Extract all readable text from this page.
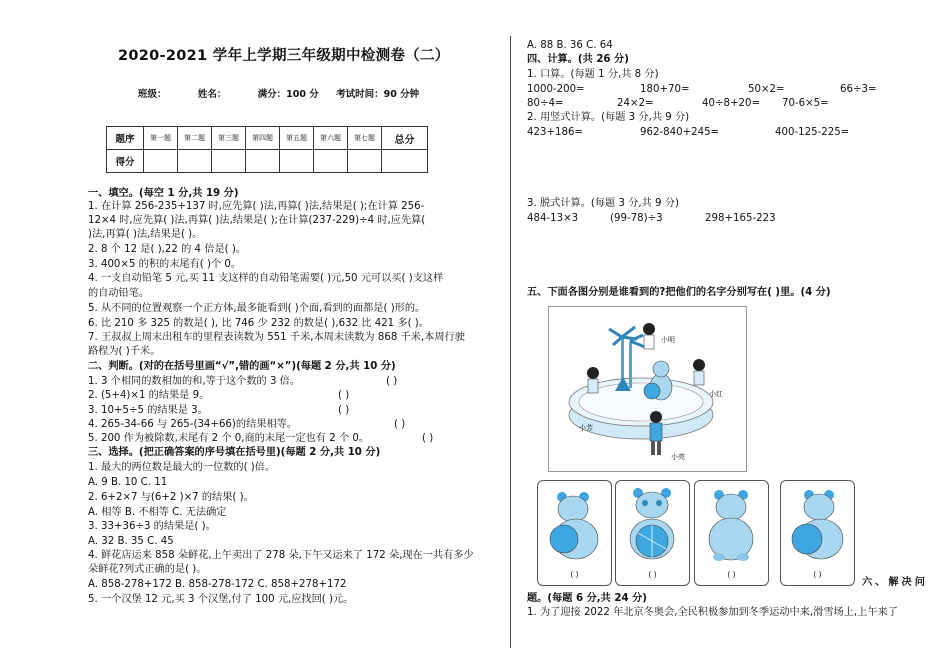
2020-2021 学年上学期三年级期中检测卷（二）
班级：	姓名：	满分：100 分 考试时间：90 分钟
题序	第一题	第二题	第三题	第四题	第五题	第六题	第七题	总分
得分								
一、填空。(每空 1 分,共 19 分)
1. 在计算 256-235+137 时,应先算( )法,再算( )法,结果是( );在计算 256-
12×4 时,应先算( )法,再算( )法,结果是( );在计算(237-229)÷4 时,应先算(
)法,再算( )法,结果是( )。
2. 8 个 12 是( ),22 的 4 倍是( )。
3. 400×5 的积的末尾有( )个 0。
4. 一支自动铅笔 5 元,买 11 支这样的自动铅笔需要( )元,50 元可以买( )支这样
的自动铅笔。
5. 从不同的位置观察一个正方体,最多能看到( )个面,看到的面都是( )形的。
6. 比 210 多 325 的数是( ), 比 746 少 232 的数是( ),632 比 421 多( )。
7. 王叔叔上周末出租车的里程表读数为 551 千米,本周末读数为 868 千米,本周行驶
路程为( )千米。
二、判断。(对的在括号里画“√”,错的画“×”)(每题 2 分,共 10 分)
1. 3 个相同的数相加的和,等于这个数的 3 倍。	( )
2. (5+4)×1 的结果是 9。	( )
3. 10+5÷5 的结果是 3。	( )
4. 265-34-66 与 265-(34+66)的结果相等。	( )
5. 200 作为被除数,末尾有 2 个 0,商的末尾一定也有 2 个 0。	( )
三、选择。(把正确答案的序号填在括号里)(每题 2 分,共 10 分)
1. 最大的两位数是最大的一位数的( )倍。
A. 9 B. 10 C. 11
2. 6+2×7 与(6+2 )×7 的结果( )。
A. 相等 B. 不相等 C. 无法确定
3. 33+36÷3 的结果是( )。
A. 32 B. 35 C. 45
4. 鲜花店运来 858 朵鲜花,上午卖出了 278 朵,下午又运来了 172 朵,现在一共有多少
朵鲜花?列式正确的是( )。
A. 858-278+172 B. 858-278-172 C. 858+278+172
5. 一个汉堡 12 元,买 3 个汉堡,付了 100 元,应找回( )元。
A. 88 B. 36 C. 64
四、计算。(共 26 分)
1. 口算。(每题 1 分,共 8 分)
1000-200=	180+70=	50×2=	66÷3=
80÷4=	24×2=	40÷8+20= 70-6×5=
2. 用竖式计算。(每题 3 分,共 9 分)
423+186=	962-840+245=	400-125-225=
3. 脱式计算。(每题 3 分,共 9 分)
484-13×3	(99-78)÷3	298+165-223
五、下面各图分别是谁看到的?把他们的名字分别写在( )里。(4 分)
小明
小红
小芳
小亮
( )	( )	( )	( )
六、解决问
题。(每题 6 分,共 24 分)
1. 为了迎接 2022 年北京冬奥会,全民积极参加到冬季运动中来,滑雪场上,上午来了
